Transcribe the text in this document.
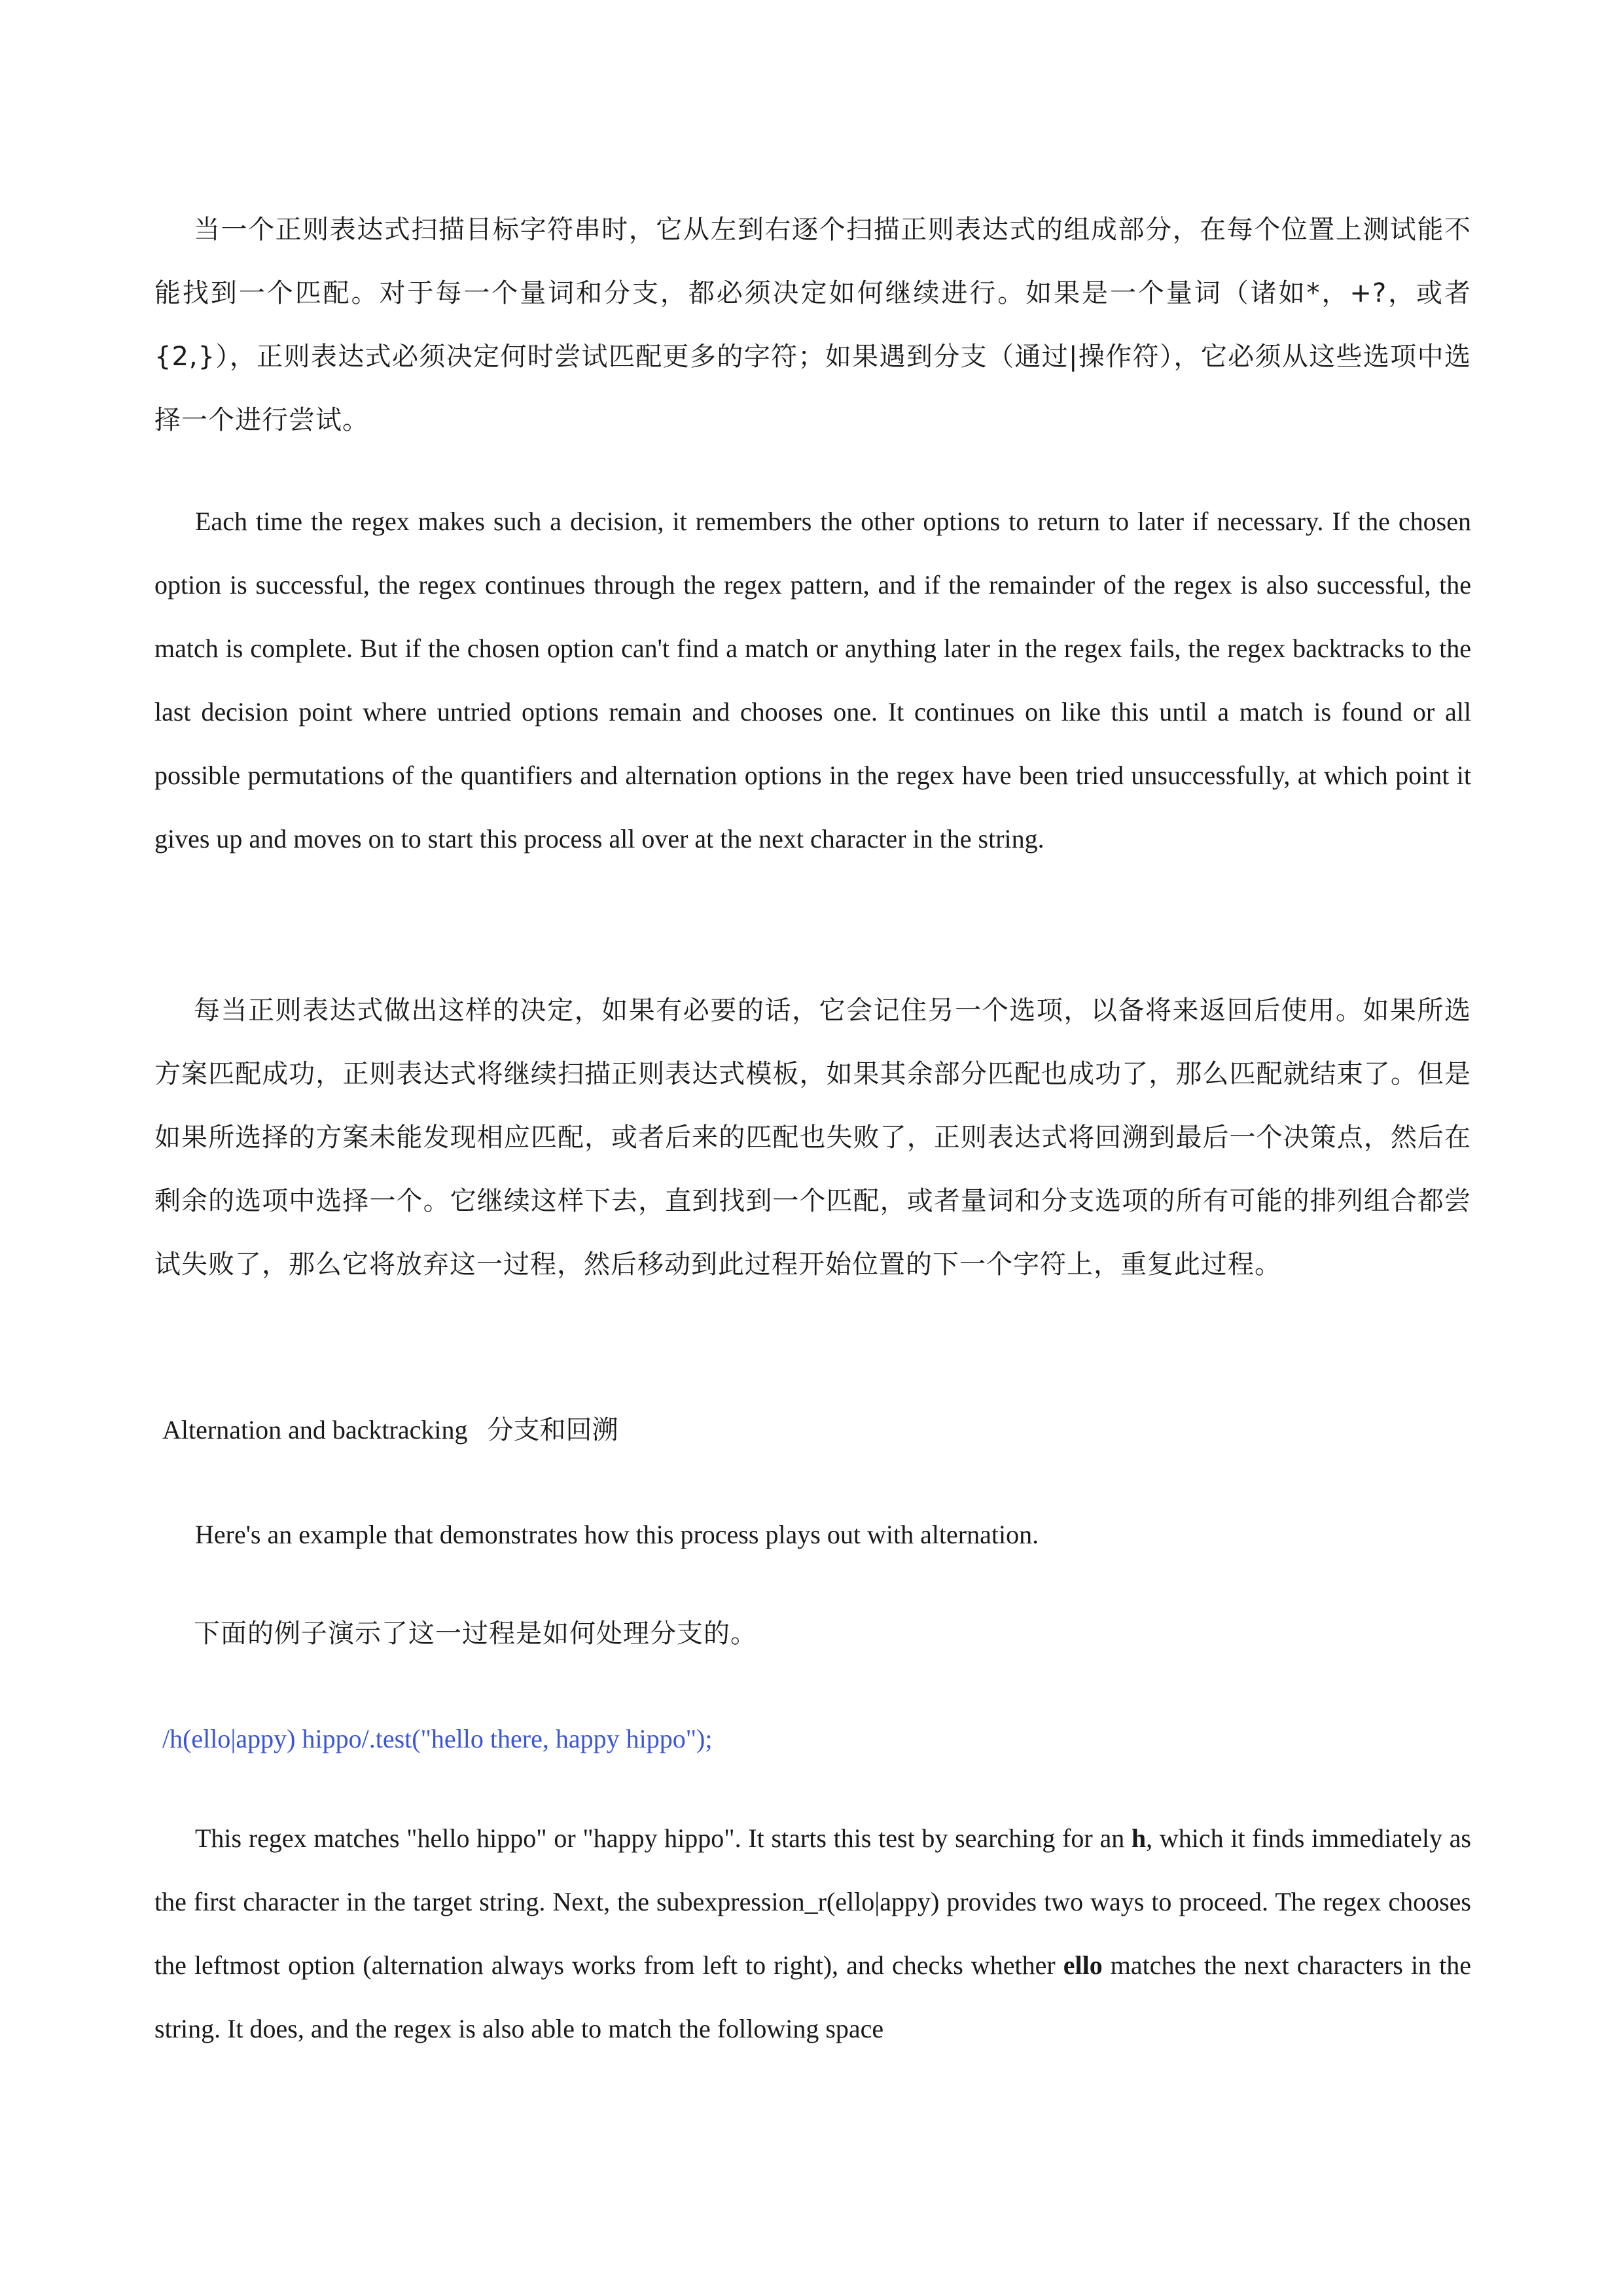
当一个正则表达式扫描目标字符串时，它从左到右逐个扫描正则表达式的组成部分，在每个位置上测试能不能找到一个匹配。对于每一个量词和分支，都必须决定如何继续进行。如果是一个量词（诸如*，+?，或者{2,}），正则表达式必须决定何时尝试匹配更多的字符；如果遇到分支（通过|操作符），它必须从这些选项中选择一个进行尝试。

Each time the regex makes such a decision, it remembers the other options to return to later if necessary. If the chosen option is successful, the regex continues through the regex pattern, and if the remainder of the regex is also successful, the match is complete. But if the chosen option can't find a match or anything later in the regex fails, the regex backtracks to the last decision point where untried options remain and chooses one. It continues on like this until a match is found or all possible permutations of the quantifiers and alternation options in the regex have been tried unsuccessfully, at which point it gives up and moves on to start this process all over at the next character in the string.

每当正则表达式做出这样的决定，如果有必要的话，它会记住另一个选项，以备将来返回后使用。如果所选方案匹配成功，正则表达式将继续扫描正则表达式模板，如果其余部分匹配也成功了，那么匹配就结束了。但是如果所选择的方案未能发现相应匹配，或者后来的匹配也失败了，正则表达式将回溯到最后一个决策点，然后在剩余的选项中选择一个。它继续这样下去，直到找到一个匹配，或者量词和分支选项的所有可能的排列组合都尝试失败了，那么它将放弃这一过程，然后移动到此过程开始位置的下一个字符上，重复此过程。

Alternation and backtracking 分支和回溯

Here's an example that demonstrates how this process plays out with alternation.

下面的例子演示了这一过程是如何处理分支的。

/h(ello|appy) hippo/.test("hello there, happy hippo");

This regex matches "hello hippo" or "happy hippo". It starts this test by searching for an h, which it finds immediately as the first character in the target string. Next, the subexpression_r(ello|appy) provides two ways to proceed. The regex chooses the leftmost option (alternation always works from left to right), and checks whether ello matches the next characters in the string. It does, and the regex is also able to match the following space
